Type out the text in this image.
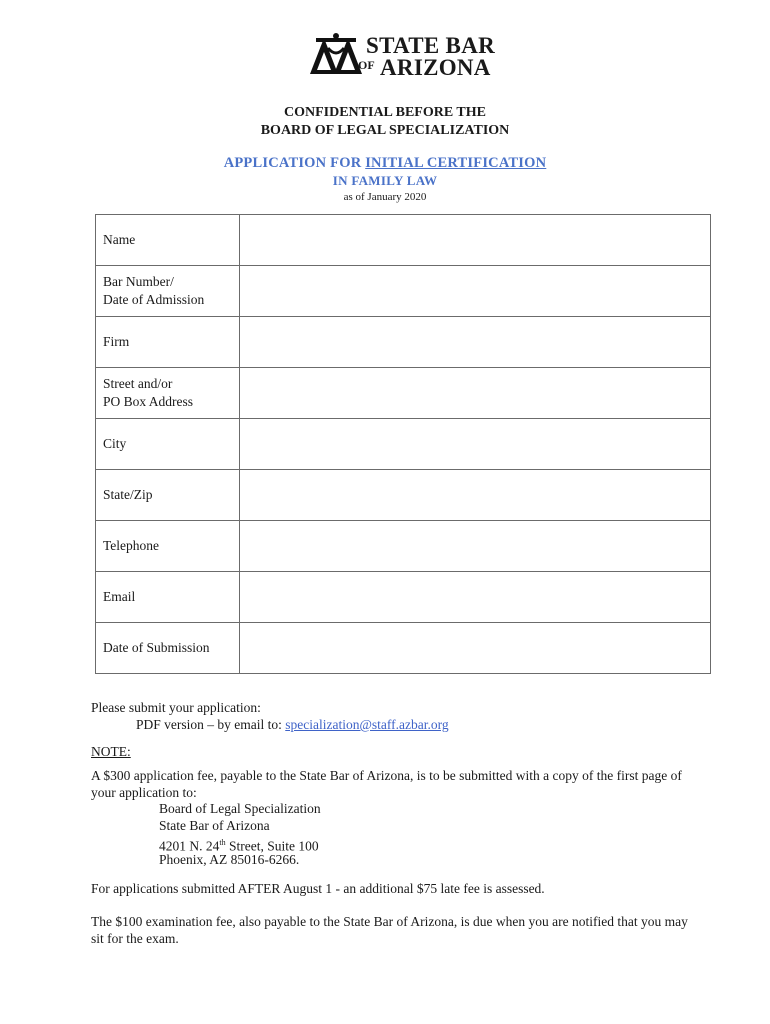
STATE BAR
OF ARIZONA
CONFIDENTIAL BEFORE THE
BOARD OF LEGAL SPECIALIZATION
APPLICATION FOR INITIAL CERTIFICATION
IN FAMILY LAW
as of January 2020
Name	

Bar Number/
Date of Admission	

Firm	

Street and/or
PO Box Address	

City	

State/Zip	

Telephone	

Email	

Date of Submission	

Please submit your application:
PDF version – by email to: specialization@staff.azbar.org
NOTE:
A $300 application fee, payable to the State Bar of Arizona, is to be submitted with a copy of the first page of
your application to:
Board of Legal Specialization
State Bar of Arizona
4201 N. 24th Street, Suite 100
Phoenix, AZ 85016-6266.
For applications submitted AFTER August 1 - an additional $75 late fee is assessed.
The $100 examination fee, also payable to the State Bar of Arizona, is due when you are notified that you may
sit for the exam.
